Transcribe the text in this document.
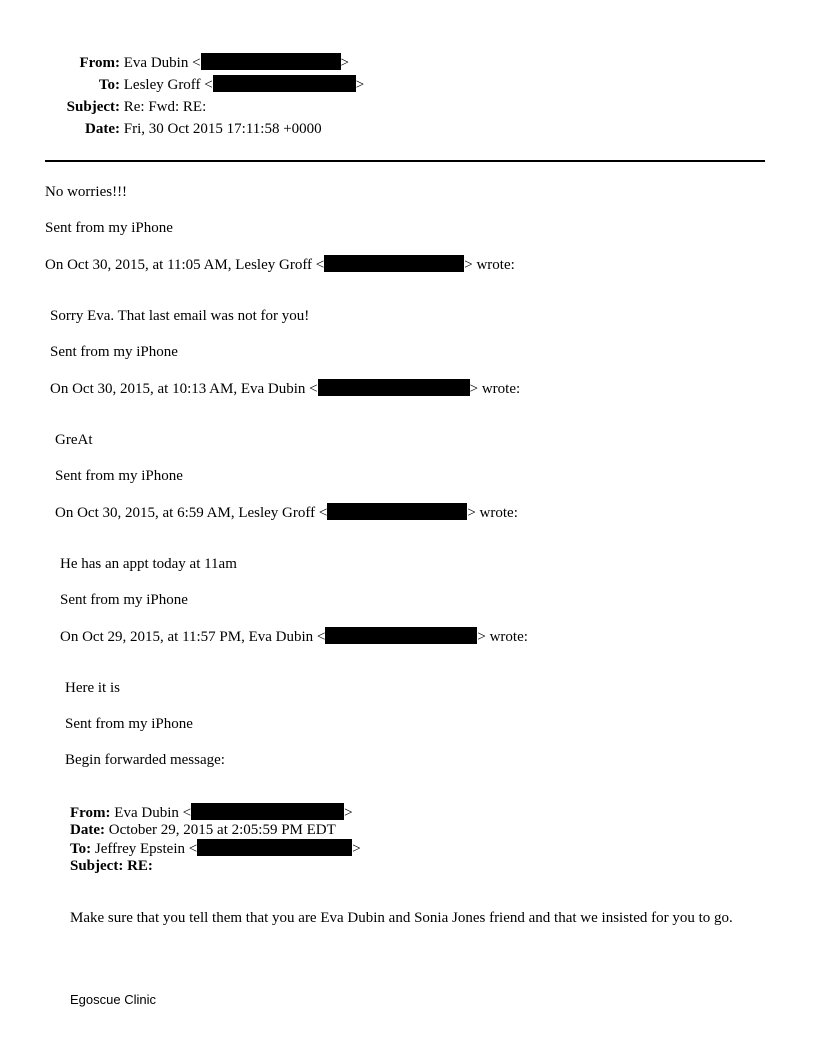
From: Eva Dubin <	>
To: Lesley Groff <	>
Subject: Re: Fwd: RE:
Date: Fri, 30 Oct 2015 17:11:58 +0000
No worries!!!
Sent from my iPhone
On Oct 30, 2015, at 11:05 AM, Lesley Groff <	> wrote:
Sorry Eva. That last email was not for you!
Sent from my iPhone
On Oct 30, 2015, at 10:13 AM, Eva Dubin <	> wrote:
GreAt
Sent from my iPhone
On Oct 30, 2015, at 6:59 AM, Lesley Groff <	> wrote:
He has an appt today at 11am
Sent from my iPhone
On Oct 29, 2015, at 11:57 PM, Eva Dubin <	> wrote:
Here it is
Sent from my iPhone
Begin forwarded message:
From: Eva Dubin <	>
Date: October 29, 2015 at 2:05:59 PM EDT
To: Jeffrey Epstein <	>
Subject: RE:
Make sure that you tell them that you are Eva Dubin and Sonia Jones friend and that we insisted for you to go.
Egoscue Clinic
